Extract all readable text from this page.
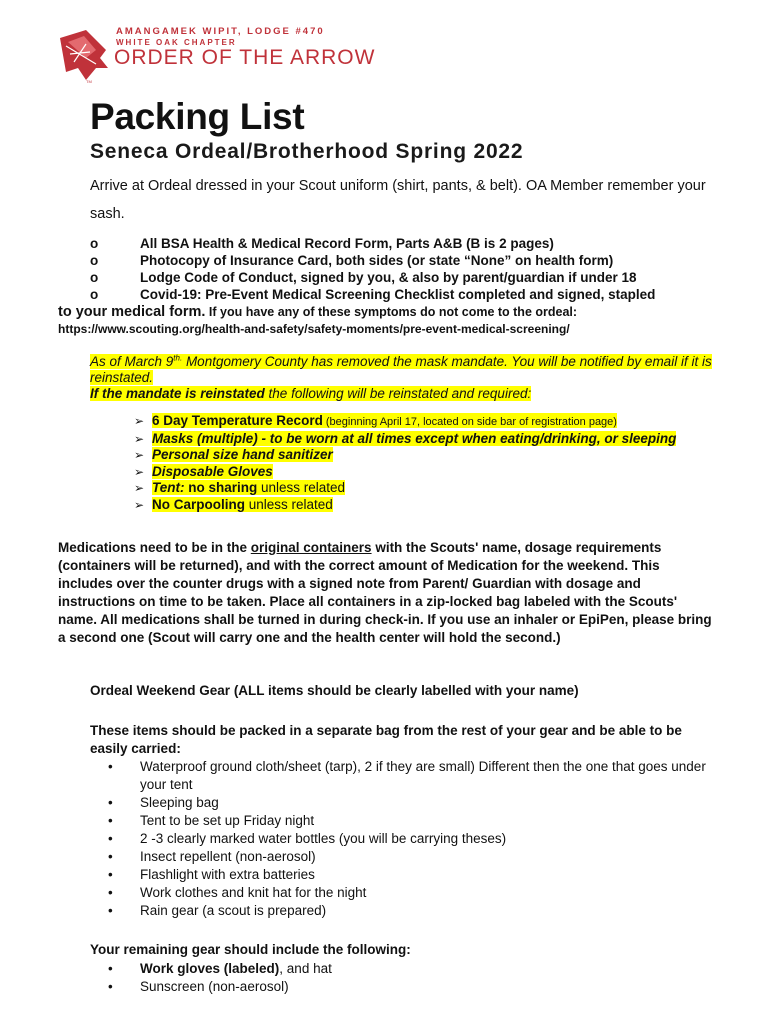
TM
AMANGAMEK WIPIT, LODGE #470
WHITE OAK CHAPTER
ORDER OF THE ARROW
Packing List
Seneca Ordeal/Brotherhood Spring 2022

Arrive at Ordeal dressed in your Scout uniform (shirt, pants, & belt). OA Member remember your sash.

o	All BSA Health & Medical Record Form, Parts A&B (B is 2 pages)
o	Photocopy of Insurance Card, both sides (or state “None” on health form)
o	Lodge Code of Conduct, signed by you, & also by parent/guardian if under 18
o	Covid-19: Pre-Event Medical Screening Checklist completed and signed, stapled
to your medical form. If you have any of these symptoms do not come to the ordeal:
https://www.scouting.org/health-and-safety/safety-moments/pre-event-medical-screening/
As of March $9^{th.}$ Montgomery County has removed the mask mandate. You will be notified by email if it is reinstated.
If the mandate is reinstated the following will be reinstated and required:
➢ 6 Day Temperature Record (beginning April 17, located on side bar of registration page)
➢ Masks (multiple) - to be worn at all times except when eating/drinking, or sleeping
➢ Personal size hand sanitizer
➢ Disposable Gloves
➢ Tent: no sharing unless related
➢ No Carpooling unless related

Medications need to be in the original containers with the Scouts' name, dosage requirements (containers will be returned), and with the correct amount of Medication for the weekend. This includes over the counter drugs with a signed note from Parent/ Guardian with dosage and instructions on time to be taken. Place all containers in a zip-locked bag labeled with the Scouts' name. All medications shall be turned in during check-in. If you use an inhaler or EpiPen, please bring a second one (Scout will carry one and the health center will hold the second.)

Ordeal Weekend Gear (ALL items should be clearly labelled with your name)
These items should be packed in a separate bag from the rest of your gear and be able to be easily carried:
• Waterproof ground cloth/sheet (tarp), 2 if they are small) Different then the one that goes under your tent
• Sleeping bag
• Tent to be set up Friday night
• 2 -3 clearly marked water bottles (you will be carrying theses)
• Insect repellent (non-aerosol)
• Flashlight with extra batteries
• Work clothes and knit hat for the night
• Rain gear (a scout is prepared)
Your remaining gear should include the following:
• Work gloves (labeled), and hat
• Sunscreen (non-aerosol)
